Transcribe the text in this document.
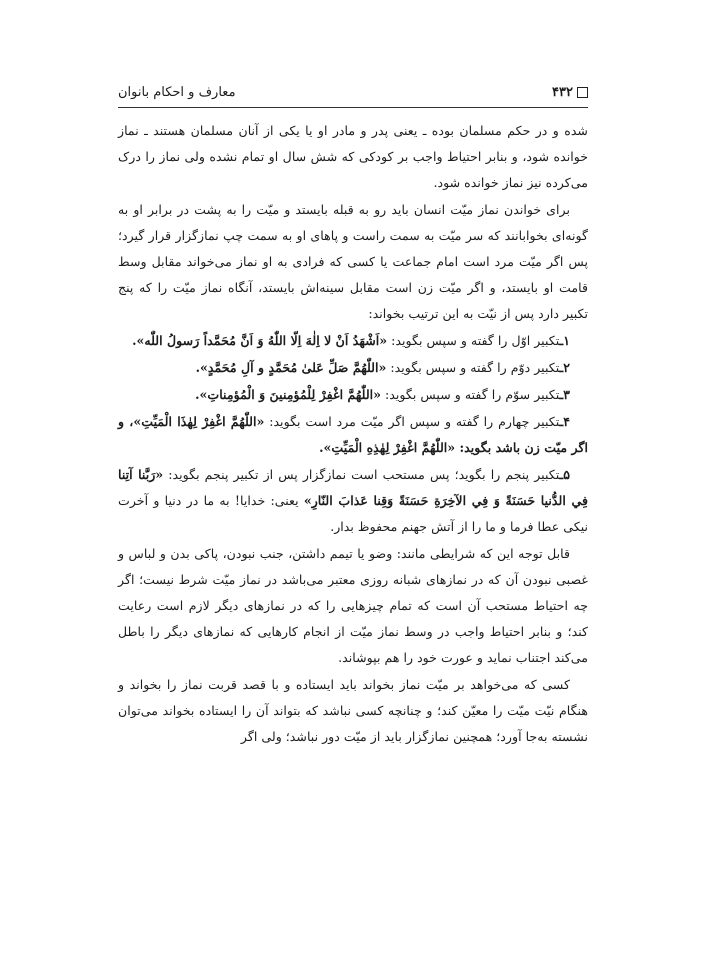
معارف و احکام بانوان	۴۳۲

شده و در حکم مسلمان بوده ـ یعنی پدر و مادر او یا یکی از آنان مسلمان هستند ـ نماز خوانده شود، و بنابر احتیاط واجب بر کودکی که شش سال او تمام نشده ولی نماز را درک می‌کرده نیز نماز خوانده شود.

برای خواندن نماز میّت انسان باید رو به قبله بایستد و میّت را به پشت در برابر او به گونه‌ای بخوابانند که سر میّت به سمت راست و پاهای او به سمت چپ نمازگزار قرار گیرد؛ پس اگر میّت مرد است امام جماعت یا کسی که فرادی به او نماز می‌خواند مقابل وسط قامت او بایستد، و اگر میّت زن است مقابل سینه‌اش بایستد، آنگاه نماز میّت را که پنج تکبیر دارد پس از نیّت به این ترتیب بخواند:

۱ـتکبیر اوّل را گفته و سپس بگوید: «اَشْهَدُ اَنْ لا اِلٰهَ اِلّا اللّٰهُ وَ اَنَّ مُحَمَّداً رَسولُ اللّٰه».

۲ـتکبیر دوّم را گفته و سپس بگوید: «اللّٰهُمَّ صَلِّ عَلیٰ مُحَمَّدٍ و آلِ مُحَمَّدٍ».

۳ـتکبیر سوّم را گفته و سپس بگوید: «اللّٰهُمَّ اغْفِرْ لِلْمُؤمِنینَ وَ الْمُؤمِناتِ».

۴ـتکبیر چهارم را گفته و سپس اگر میّت مرد است بگوید: «اللّٰهُمَّ اغْفِرْ لِهٰذَا الْمَیِّتِ»، و اگر میّت زن باشد بگوید: «اللّٰهُمَّ اغْفِرْ لِهٰذِهِ الْمَیِّتِ».

۵ـتکبیر پنجم را بگوید؛ پس مستحب است نمازگزار پس از تکبیر پنجم بگوید: «رَبَّنا آتِنا فِي الدُّنیا حَسَنَةً وَ فِي الآخِرَةِ حَسَنَةً وَقِنا عَذابَ النّارِ» یعنی: خدایا! به ما در دنیا و آخرت نیکی عطا فرما و ما را از آتش جهنم محفوظ بدار.

قابل توجه این که شرایطی مانند: وضو یا تیمم داشتن، جنب نبودن، پاکی بدن و لباس و غصبی نبودن آن که در نمازهای شبانه روزی معتبر می‌باشد در نماز میّت شرط نیست؛ اگر چه احتیاط مستحب آن است که تمام چیزهایی را که در نمازهای دیگر لازم است رعایت کند؛ و بنابر احتیاط واجب در وسط نماز میّت از انجام کارهایی که نمازهای دیگر را باطل می‌کند اجتناب نماید و عورت خود را هم بپوشاند.

کسی که می‌خواهد بر میّت نماز بخواند باید ایستاده و با قصد قربت نماز را بخواند و هنگام نیّت میّت را معیّن کند؛ و چنانچه کسی نباشد که بتواند آن را ایستاده بخواند می‌توان نشسته به‌جا آورد؛ همچنین نمازگزار باید از میّت دور نباشد؛ ولی اگر
